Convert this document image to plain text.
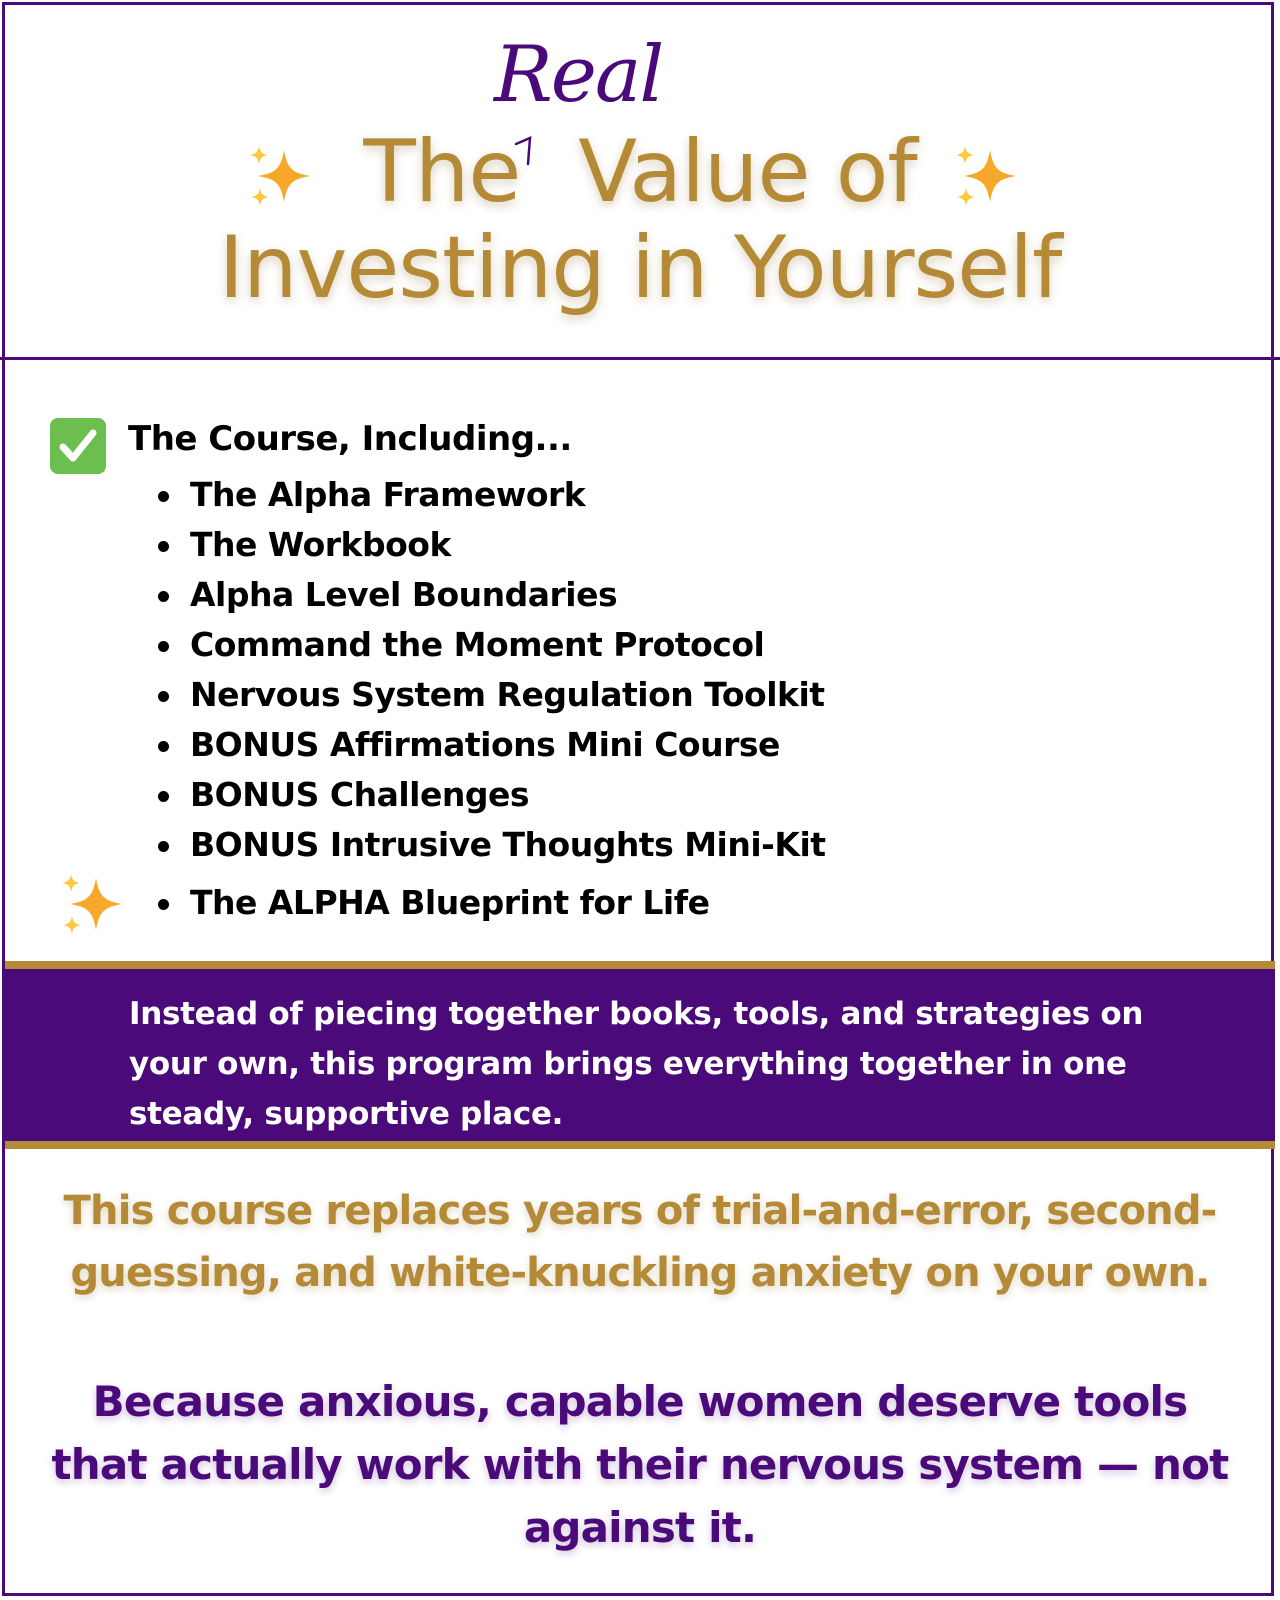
Real
The Value of
Investing in Yourself
The Course, Including...
The Alpha Framework
The Workbook
Alpha Level Boundaries
Command the Moment Protocol
Nervous System Regulation Toolkit
BONUS Affirmations Mini Course
BONUS Challenges
BONUS Intrusive Thoughts Mini-Kit
The ALPHA Blueprint for Life
Instead of piecing together books, tools, and strategies on your own, this program brings everything together in one steady, supportive place.
This course replaces years of trial-and-error, second-guessing, and white-knuckling anxiety on your own.
Because anxious, capable women deserve tools that actually work with their nervous system — not against it.
